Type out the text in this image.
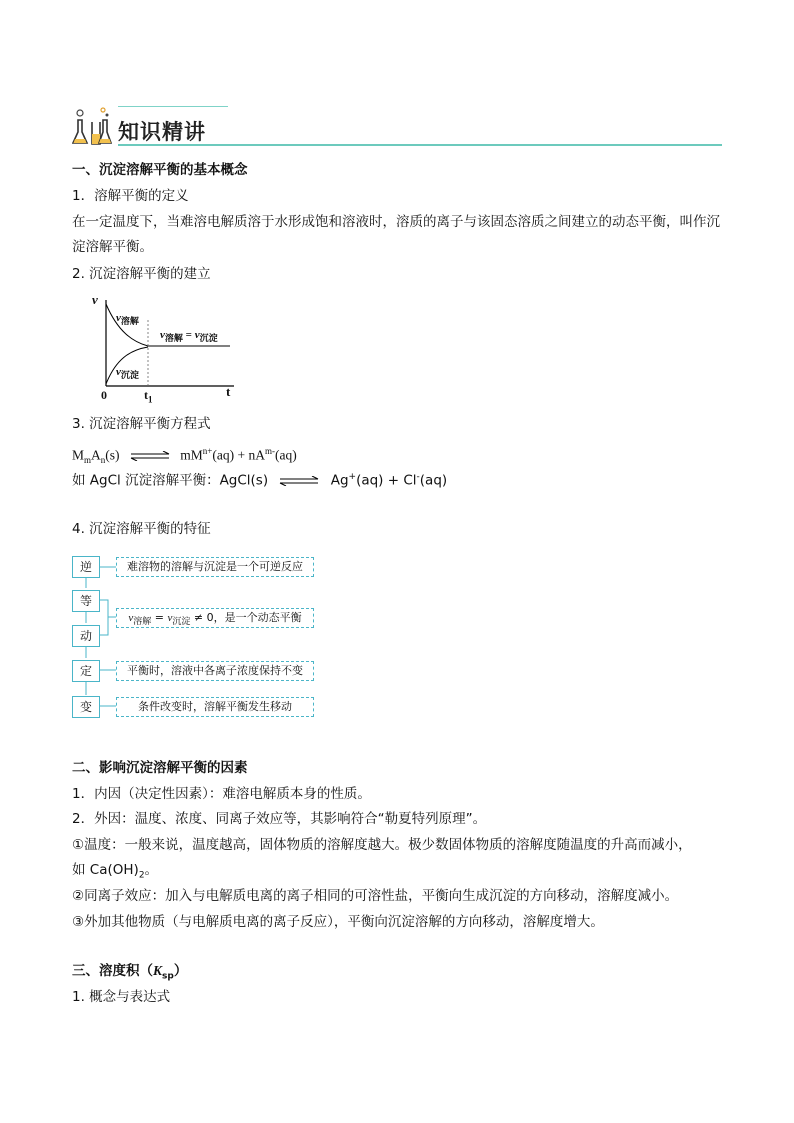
知识精讲
一、沉淀溶解平衡的基本概念
1．溶解平衡的定义
在一定温度下，当难溶电解质溶于水形成饱和溶液时，溶质的离子与该固态溶质之间建立的动态平衡，叫作沉淀溶解平衡。
2. 沉淀溶解平衡的建立
v
t
0	$t_1$
$v_{溶解}$
$v_{沉淀}$
$v_{溶解} = v_{沉淀}$
3. 沉淀溶解平衡方程式
$M_mA_n(s)$ ⇌ $mM^{n+}(aq) + nA^{m-}(aq)$
如 AgCl 沉淀溶解平衡：AgCl(s) ⇌ Ag+(aq) + Cl-(aq)
4. 沉淀溶解平衡的特征
逆
等
动
定
变
难溶物的溶解与沉淀是一个可逆反应
$v_{溶解} = v_{沉淀} \ne 0$，是一个动态平衡
平衡时，溶液中各离子浓度保持不变
条件改变时，溶解平衡发生移动
二、影响沉淀溶解平衡的因素
1．内因（决定性因素）：难溶电解质本身的性质。
2．外因：温度、浓度、同离子效应等，其影响符合“勒夏特列原理”。
①温度：一般来说，温度越高，固体物质的溶解度越大。极少数固体物质的溶解度随温度的升高而减小，
如 $Ca(OH)_2$。
②同离子效应：加入与电解质电离的离子相同的可溶性盐，平衡向生成沉淀的方向移动，溶解度减小。
③外加其他物质（与电解质电离的离子反应），平衡向沉淀溶解的方向移动，溶解度增大。
三、溶度积$(K_{sp})$
1. 概念与表达式
